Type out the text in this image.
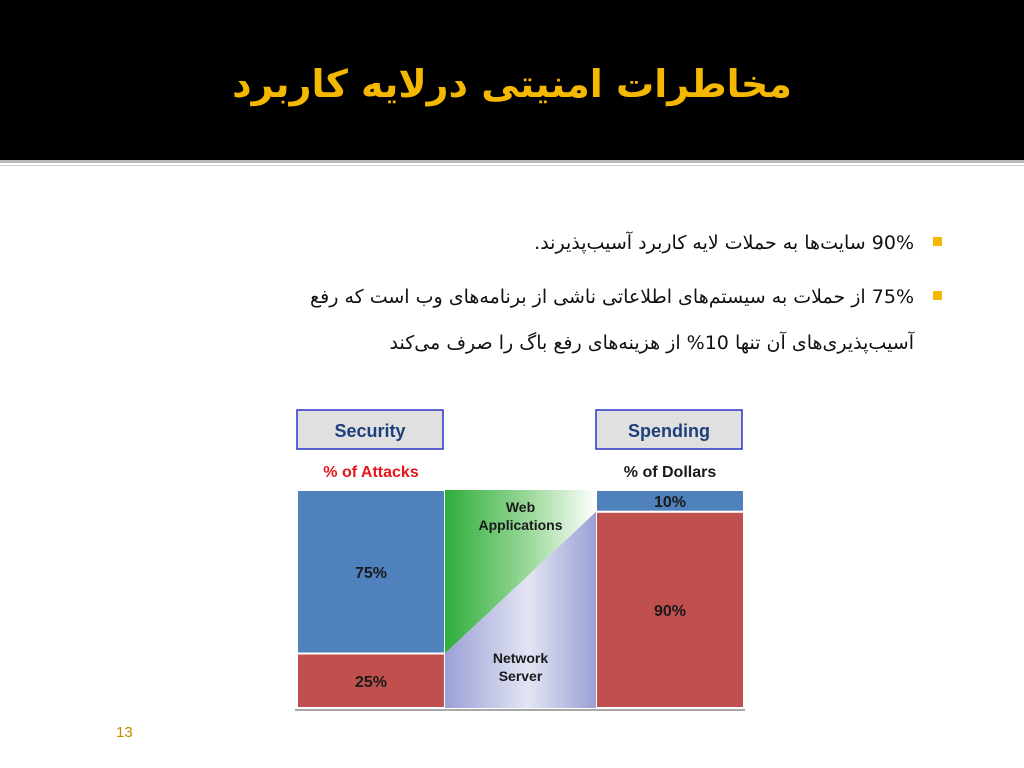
مخاطرات امنیتی درلایه کاربرد
90% سایت‌ها به حملات لایه کاربرد آسیب‌پذیرند.
75% از حملات به سیستم‌های اطلاعاتی ناشی از برنامه‌های وب است که رفع
آسیب‌پذیری‌های آن تنها 10% از هزینه‌های رفع باگ را صرف می‌کند
Security
% of Attacks
75%
25%
Spending
% of Dollars
10%
90%
Web
Applications
Network
Server
13
